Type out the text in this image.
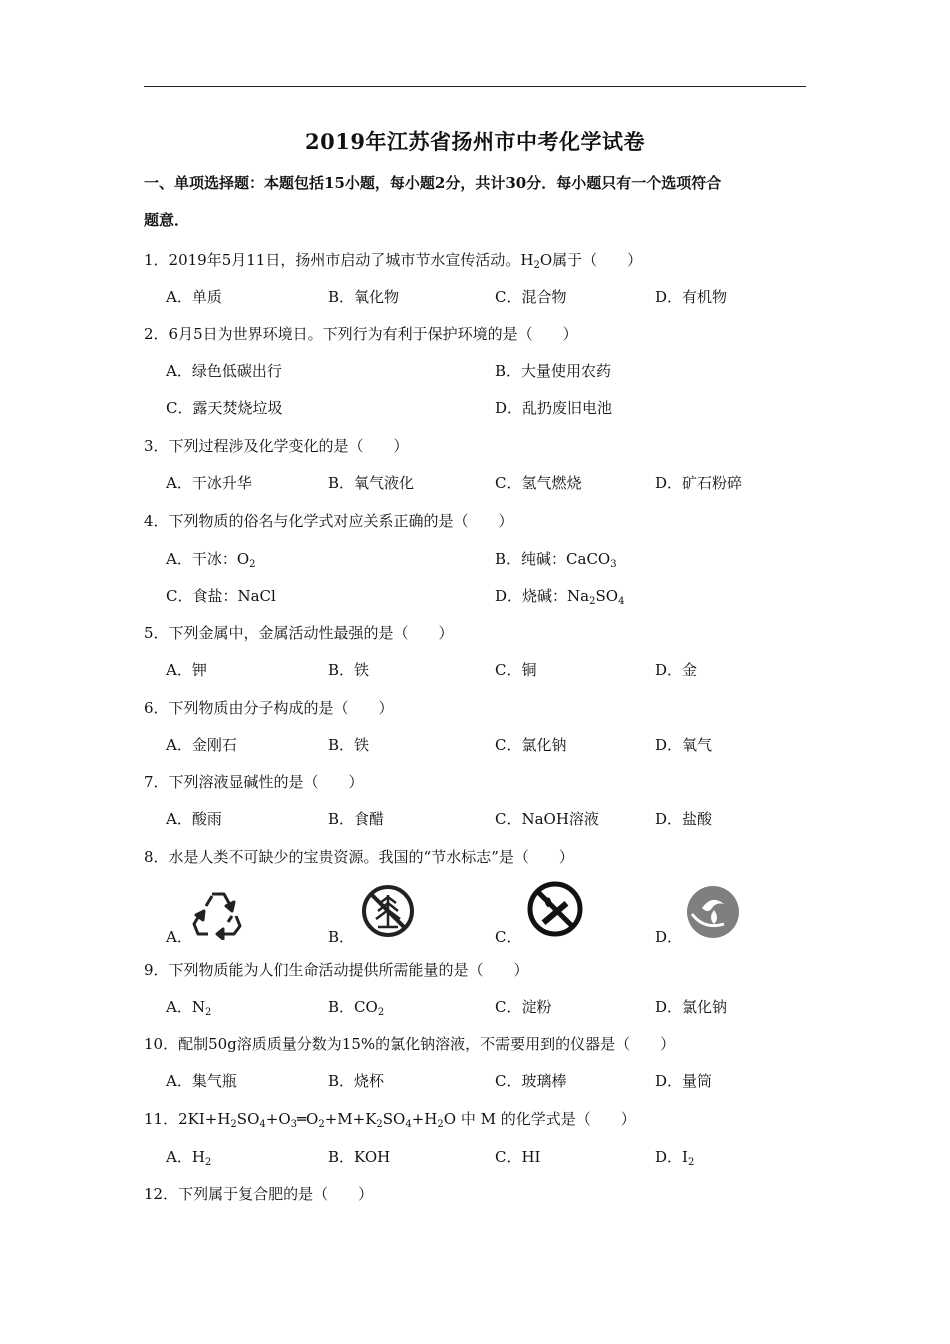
2019年江苏省扬州市中考化学试卷
一、单项选择题：本题包括15小题，每小题2分，共计30分．每小题只有一个选项符合
题意．
1．2019年5月11日，扬州市启动了城市节水宣传活动。$H_2O$属于（　　）
A．单质	B．氧化物	C．混合物	D．有机物
2．6月5日为世界环境日。下列行为有利于保护环境的是（　　）
A．绿色低碳出行	B．大量使用农药
C．露天焚烧垃圾	D．乱扔废旧电池
3．下列过程涉及化学变化的是（　　）
A．干冰升华	B．氧气液化	C．氢气燃烧	D．矿石粉碎
4．下列物质的俗名与化学式对应关系正确的是（　　）
A．干冰：$O_2$	B．纯碱：CaCO$_3$
C．食盐：NaCl	D．烧碱：$Na_2SO_4$
5．下列金属中，金属活动性最强的是（　　）
A．钾	B．铁	C．铜	D．金
6．下列物质由分子构成的是（　　）
A．金刚石	B．铁	C．氯化钠	D．氧气
7．下列溶液显碱性的是（　　）
A．酸雨	B．食醋	C．NaOH溶液	D．盐酸
8．水是人类不可缺少的宝贵资源。我国的“节水标志”是（　　）
A．	B．	C．	D．
9．下列物质能为人们生命活动提供所需能量的是（　　）
A．$N_2$	B．$CO_2$	C．淀粉	D．氯化钠
10．配制50g溶质质量分数为15%的氯化钠溶液，不需要用到的仪器是（　　）
A．集气瓶	B．烧杯	C．玻璃棒	D．量筒
11．$2KI+H_2SO_4+O_3═O_2+M+K_2SO_4+H_2O$ 中 M 的化学式是（　　）
A．$H_2$	B．KOH	C．HI	D．$I_2$
12．下列属于复合肥的是（　　）
